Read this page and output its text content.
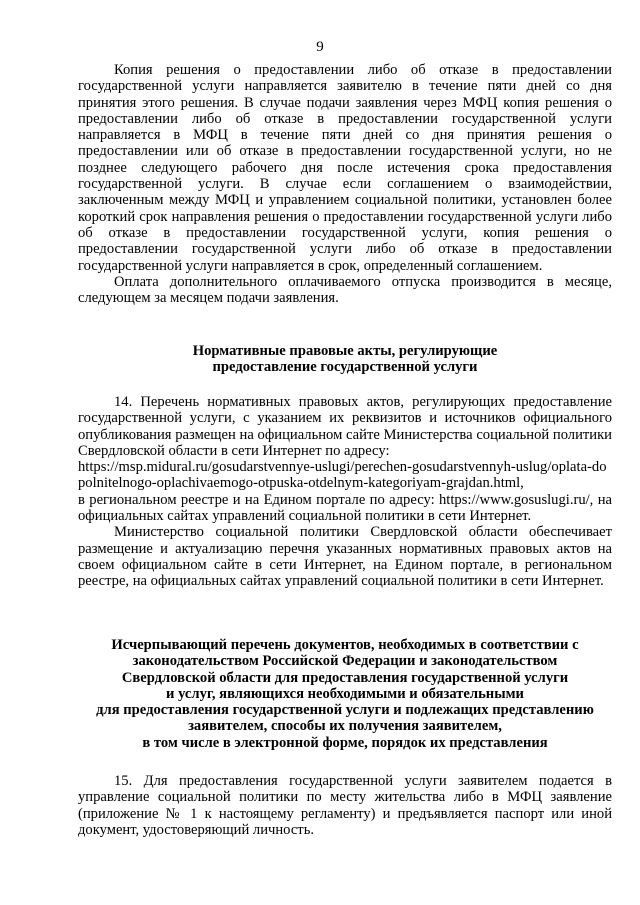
9

Копия решения о предоставлении либо об отказе в предоставлении государственной услуги направляется заявителю в течение пяти дней со дня принятия этого решения. В случае подачи заявления через МФЦ копия решения о предоставлении либо об отказе в предоставлении государственной услуги направляется в МФЦ в течение пяти дней со дня принятия решения о предоставлении или об отказе в предоставлении государственной услуги, но не позднее следующего рабочего дня после истечения срока предоставления государственной услуги. В случае если соглашением о взаимодействии, заключенным между МФЦ и управлением социальной политики, установлен более короткий срок направления решения о предоставлении государственной услуги либо об отказе в предоставлении государственной услуги, копия решения о предоставлении государственной услуги либо об отказе в предоставлении государственной услуги направляется в срок, определенный соглашением.

Оплата дополнительного оплачиваемого отпуска производится в месяце, следующем за месяцем подачи заявления.

Нормативные правовые акты, регулирующие
предоставление государственной услуги

14. Перечень нормативных правовых актов, регулирующих предоставление государственной услуги, с указанием их реквизитов и источников официального опубликования размещен на официальном сайте Министерства социальной политики Свердловской области в сети Интернет по адресу:

https://msp.midural.ru/gosudarstvennye-uslugi/perechen-gosudarstvennyh-uslug/oplata-dopolnitelnogo-oplachivaemogo-otpuska-otdelnym-kategoriyam-grajdan.html,

в региональном реестре и на Едином портале по адресу: https://www.gosuslugi.ru/, на официальных сайтах управлений социальной политики в сети Интернет.

Министерство социальной политики Свердловской области обеспечивает размещение и актуализацию перечня указанных нормативных правовых актов на своем официальном сайте в сети Интернет, на Едином портале, в региональном реестре, на официальных сайтах управлений социальной политики в сети Интернет.

Исчерпывающий перечень документов, необходимых в соответствии с
законодательством Российской Федерации и законодательством
Свердловской области для предоставления государственной услуги
и услуг, являющихся необходимыми и обязательными
для предоставления государственной услуги и подлежащих представлению
заявителем, способы их получения заявителем,
в том числе в электронной форме, порядок их представления

15. Для предоставления государственной услуги заявителем подается в управление социальной политики по месту жительства либо в МФЦ заявление (приложение № 1 к настоящему регламенту) и предъявляется паспорт или иной документ, удостоверяющий личность.
